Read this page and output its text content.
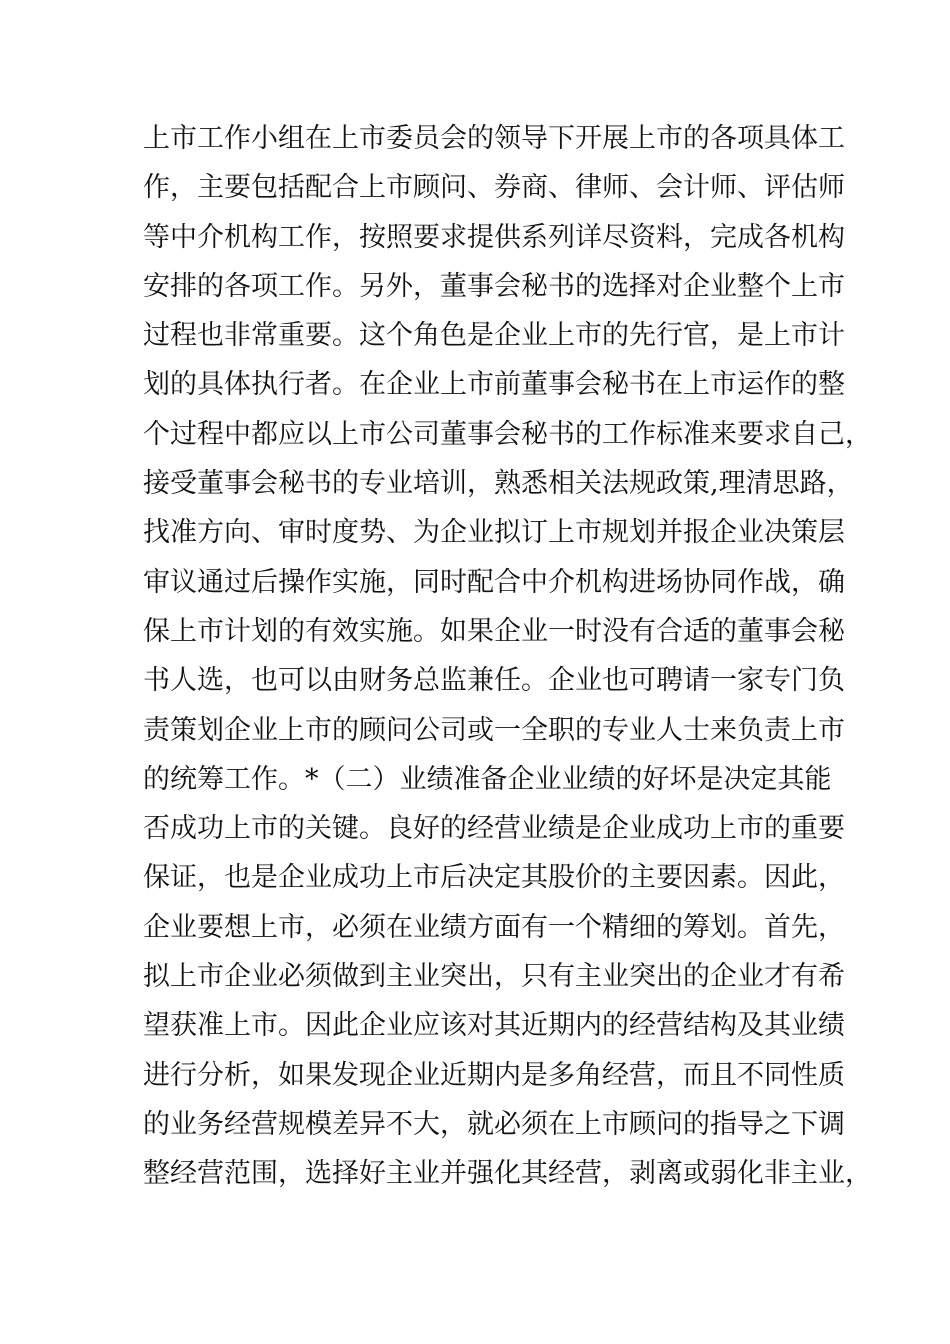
上市工作小组在上市委员会的领导下开展上市的各项具体工
作，主要包括配合上市顾问、券商、律师、会计师、评估师
等中介机构工作，按照要求提供系列详尽资料，完成各机构
安排的各项工作。另外，董事会秘书的选择对企业整个上市
过程也非常重要。这个角色是企业上市的先行官，是上市计
划的具体执行者。在企业上市前董事会秘书在上市运作的整
个过程中都应以上市公司董事会秘书的工作标准来要求自己，
接受董事会秘书的专业培训，熟悉相关法规政策,理清思路，
找准方向、审时度势、为企业拟订上市规划并报企业决策层
审议通过后操作实施，同时配合中介机构进场协同作战，确
保上市计划的有效实施。如果企业一时没有合适的董事会秘
书人选，也可以由财务总监兼任。企业也可聘请一家专门负
责策划企业上市的顾问公司或一全职的专业人士来负责上市
的统筹工作。*（二）业绩准备企业业绩的好坏是决定其能
否成功上市的关键。良好的经营业绩是企业成功上市的重要
保证，也是企业成功上市后决定其股价的主要因素。因此，
企业要想上市，必须在业绩方面有一个精细的筹划。首先，
拟上市企业必须做到主业突出，只有主业突出的企业才有希
望获准上市。因此企业应该对其近期内的经营结构及其业绩
进行分析，如果发现企业近期内是多角经营，而且不同性质
的业务经营规模差异不大，就必须在上市顾问的指导之下调
整经营范围，选择好主业并强化其经营，剥离或弱化非主业，
